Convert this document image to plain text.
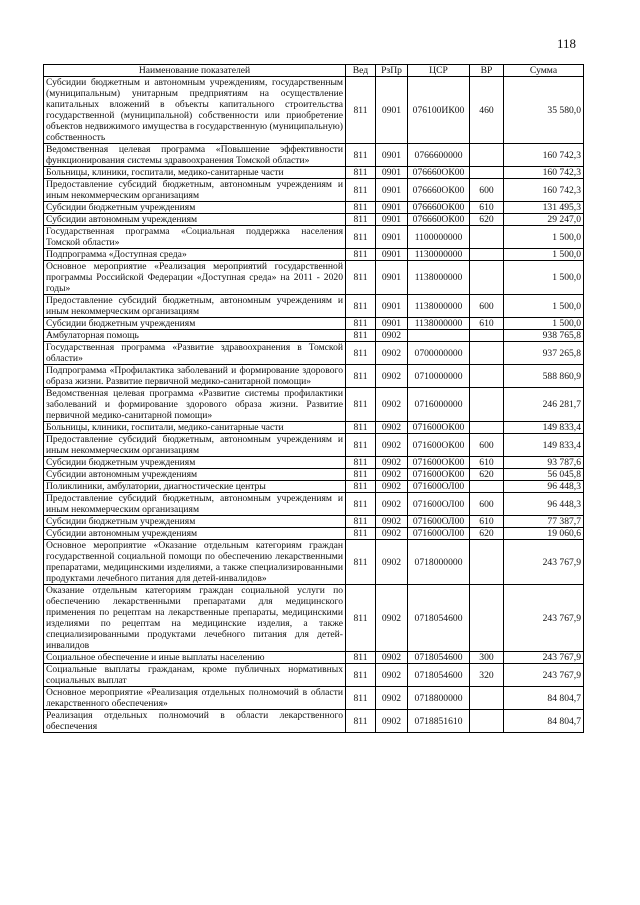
118
Наименование показателей	Вед	РзПр	ЦСР	ВР	Сумма
Субсидии бюджетным и автономным учреждениям, государственным (муниципальным) унитарным предприятиям на осуществление капитальных вложений в объекты капитального строительства государственной (муниципальной) собственности или приобретение объектов недвижимого имущества в государственную (муниципальную) собственность	811	0901	076100ИК00	460	35 580,0
Ведомственная целевая программа «Повышение эффективности функционирования системы здравоохранения Томской области»	811	0901	0766600000		160 742,3
Больницы, клиники, госпитали, медико-санитарные части	811	0901	076660ОК00		160 742,3
Предоставление субсидий бюджетным, автономным учреждениям и иным некоммерческим организациям	811	0901	076660ОК00	600	160 742,3
Субсидии бюджетным учреждениям	811	0901	076660ОК00	610	131 495,3
Субсидии автономным учреждениям	811	0901	076660ОК00	620	29 247,0
Государственная программа «Социальная поддержка населения Томской области»	811	0901	1100000000		1 500,0
Подпрограмма «Доступная среда»	811	0901	1130000000		1 500,0
Основное мероприятие «Реализация мероприятий государственной программы Российской Федерации «Доступная среда» на 2011 - 2020 годы»	811	0901	1138000000		1 500,0
Предоставление субсидий бюджетным, автономным учреждениям и иным некоммерческим организациям	811	0901	1138000000	600	1 500,0
Субсидии бюджетным учреждениям	811	0901	1138000000	610	1 500,0
Амбулаторная помощь	811	0902			938 765,8
Государственная программа «Развитие здравоохранения в Томской области»	811	0902	0700000000		937 265,8
Подпрограмма «Профилактика заболеваний и формирование здорового образа жизни. Развитие первичной медико-санитарной помощи»	811	0902	0710000000		588 860,9
Ведомственная целевая программа «Развитие системы профилактики заболеваний и формирование здорового образа жизни. Развитие первичной медико-санитарной помощи»	811	0902	0716000000		246 281,7
Больницы, клиники, госпитали, медико-санитарные части	811	0902	071600ОК00		149 833,4
Предоставление субсидий бюджетным, автономным учреждениям и иным некоммерческим организациям	811	0902	071600ОК00	600	149 833,4
Субсидии бюджетным учреждениям	811	0902	071600ОК00	610	93 787,6
Субсидии автономным учреждениям	811	0902	071600ОК00	620	56 045,8
Поликлиники, амбулатории, диагностические центры	811	0902	071600ОЛ00		96 448,3
Предоставление субсидий бюджетным, автономным учреждениям и иным некоммерческим организациям	811	0902	071600ОЛ00	600	96 448,3
Субсидии бюджетным учреждениям	811	0902	071600ОЛ00	610	77 387,7
Субсидии автономным учреждениям	811	0902	071600ОЛ00	620	19 060,6
Основное мероприятие «Оказание отдельным категориям граждан государственной социальной помощи по обеспечению лекарственными препаратами, медицинскими изделиями, а также специализированными продуктами лечебного питания для детей-инвалидов»	811	0902	0718000000		243 767,9
Оказание отдельным категориям граждан социальной услуги по обеспечению лекарственными препаратами для медицинского применения по рецептам на лекарственные препараты, медицинскими изделиями по рецептам на медицинские изделия, а также специализированными продуктами лечебного питания для детей-инвалидов	811	0902	0718054600		243 767,9
Социальное обеспечение и иные выплаты населению	811	0902	0718054600	300	243 767,9
Социальные выплаты гражданам, кроме публичных нормативных социальных выплат	811	0902	0718054600	320	243 767,9
Основное мероприятие «Реализация отдельных полномочий в области лекарственного обеспечения»	811	0902	0718800000		84 804,7
Реализация отдельных полномочий в области лекарственного обеспечения	811	0902	0718851610		84 804,7
